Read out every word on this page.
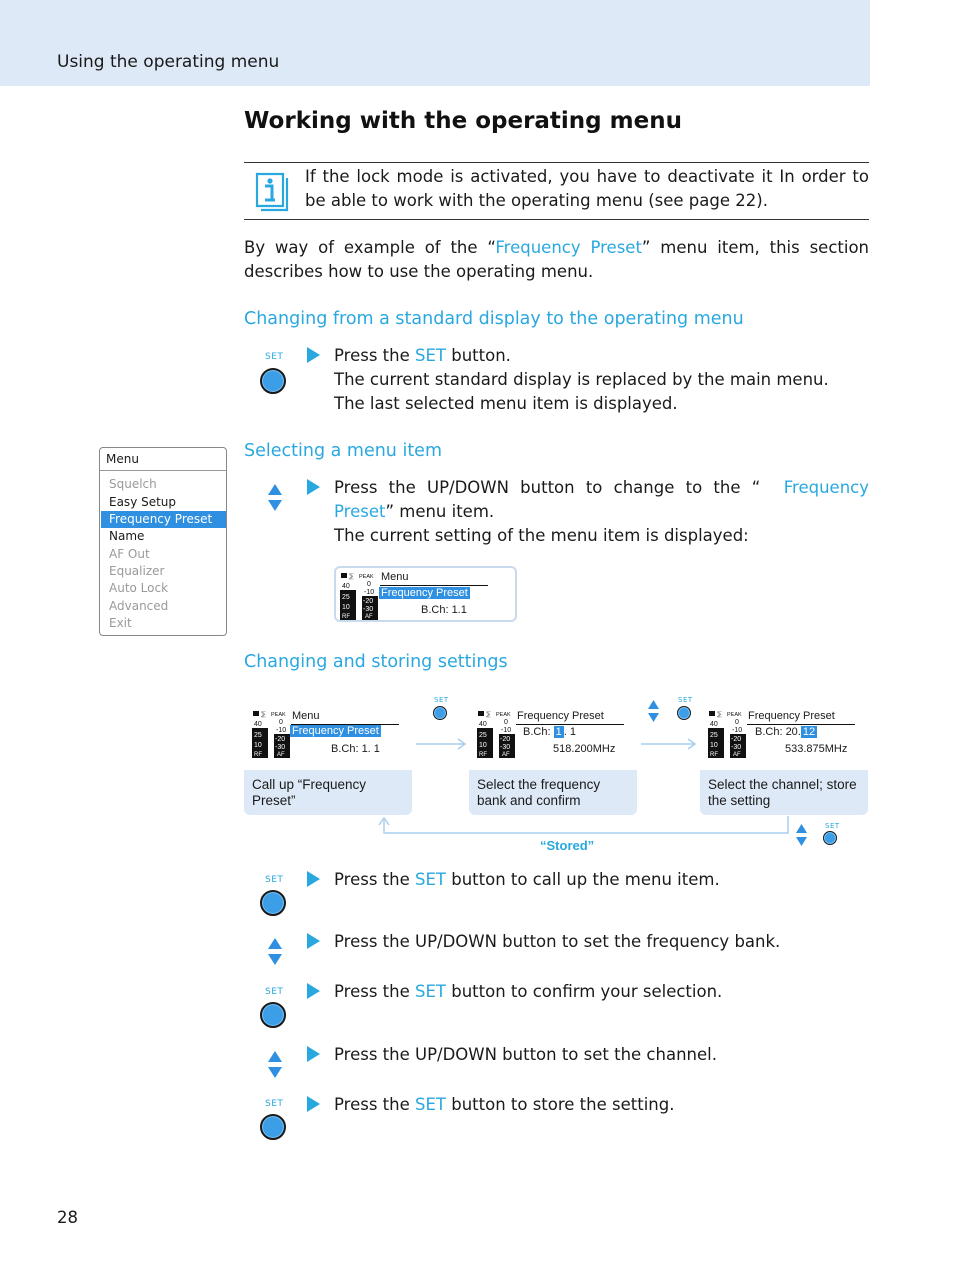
Using the operating menu
Working with the operating menu
If the lock mode is activated, you have to deactivate it In order to be able to work with the operating menu (see page 22).
By way of example of the “Frequency Preset” menu item, this section describes how to use the operating menu.
Changing from a standard display to the operating menu
SET	Press the SET button.
The current standard display is replaced by the main menu.
The last selected menu item is displayed.
Menu
Squelch
Easy Setup
Frequency Preset
Name
AF Out
Equalizer
Auto Lock
Advanced
Exit
Selecting a menu item
Press the UP/DOWN button to change to the “ Frequency
Preset” menu item.
The current setting of the menu item is displayed:
⅀ PEAK
40 0
-10
25
10
RF
-20
-30
AF
Menu
Frequency Preset
B.Ch: 1.1
Changing and storing settings
⅀ PEAK
40 0
-10
25
10
RF
-20
-30
AF
Menu
Frequency Preset
B.Ch: 1. 1
Call up “Frequency Preset”
SET
⅀ PEAK
40 0
-10
25
10
RF
-20
-30
AF
Frequency Preset
B.Ch: 1 . 1
518.200MHz
Select the frequency bank and confirm
SET
⅀ PEAK
40 0
-10
25
10
RF
-20
-30
AF
Frequency Preset
B.Ch: 20. 12
533.875MHz
Select the channel; store the setting
“Stored”
SET
SET	Press the SET button to call up the menu item.
Press the UP/DOWN button to set the frequency bank.
SET	Press the SET button to confirm your selection.
Press the UP/DOWN button to set the channel.
SET	Press the SET button to store the setting.
28
